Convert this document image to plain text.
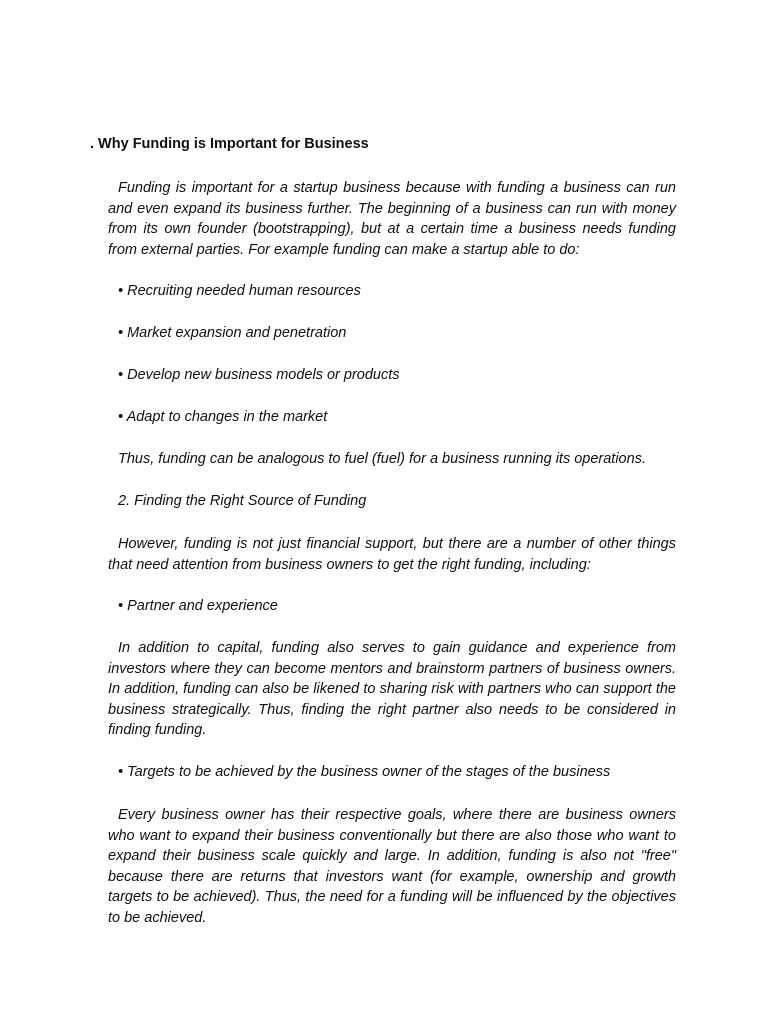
. Why Funding is Important for Business
Funding is important for a startup business because with funding a business can run and even expand its business further. The beginning of a business can run with money from its own founder (bootstrapping), but at a certain time a business needs funding from external parties. For example funding can make a startup able to do:
• Recruiting needed human resources
• Market expansion and penetration
• Develop new business models or products
• Adapt to changes in the market
Thus, funding can be analogous to fuel (fuel) for a business running its operations.
2. Finding the Right Source of Funding
However, funding is not just financial support, but there are a number of other things that need attention from business owners to get the right funding, including:
• Partner and experience
In addition to capital, funding also serves to gain guidance and experience from investors where they can become mentors and brainstorm partners of business owners. In addition, funding can also be likened to sharing risk with partners who can support the business strategically. Thus, finding the right partner also needs to be considered in finding funding.
• Targets to be achieved by the business owner of the stages of the business
Every business owner has their respective goals, where there are business owners who want to expand their business conventionally but there are also those who want to expand their business scale quickly and large. In addition, funding is also not "free" because there are returns that investors want (for example, ownership and growth targets to be achieved). Thus, the need for a funding will be influenced by the objectives to be achieved.
